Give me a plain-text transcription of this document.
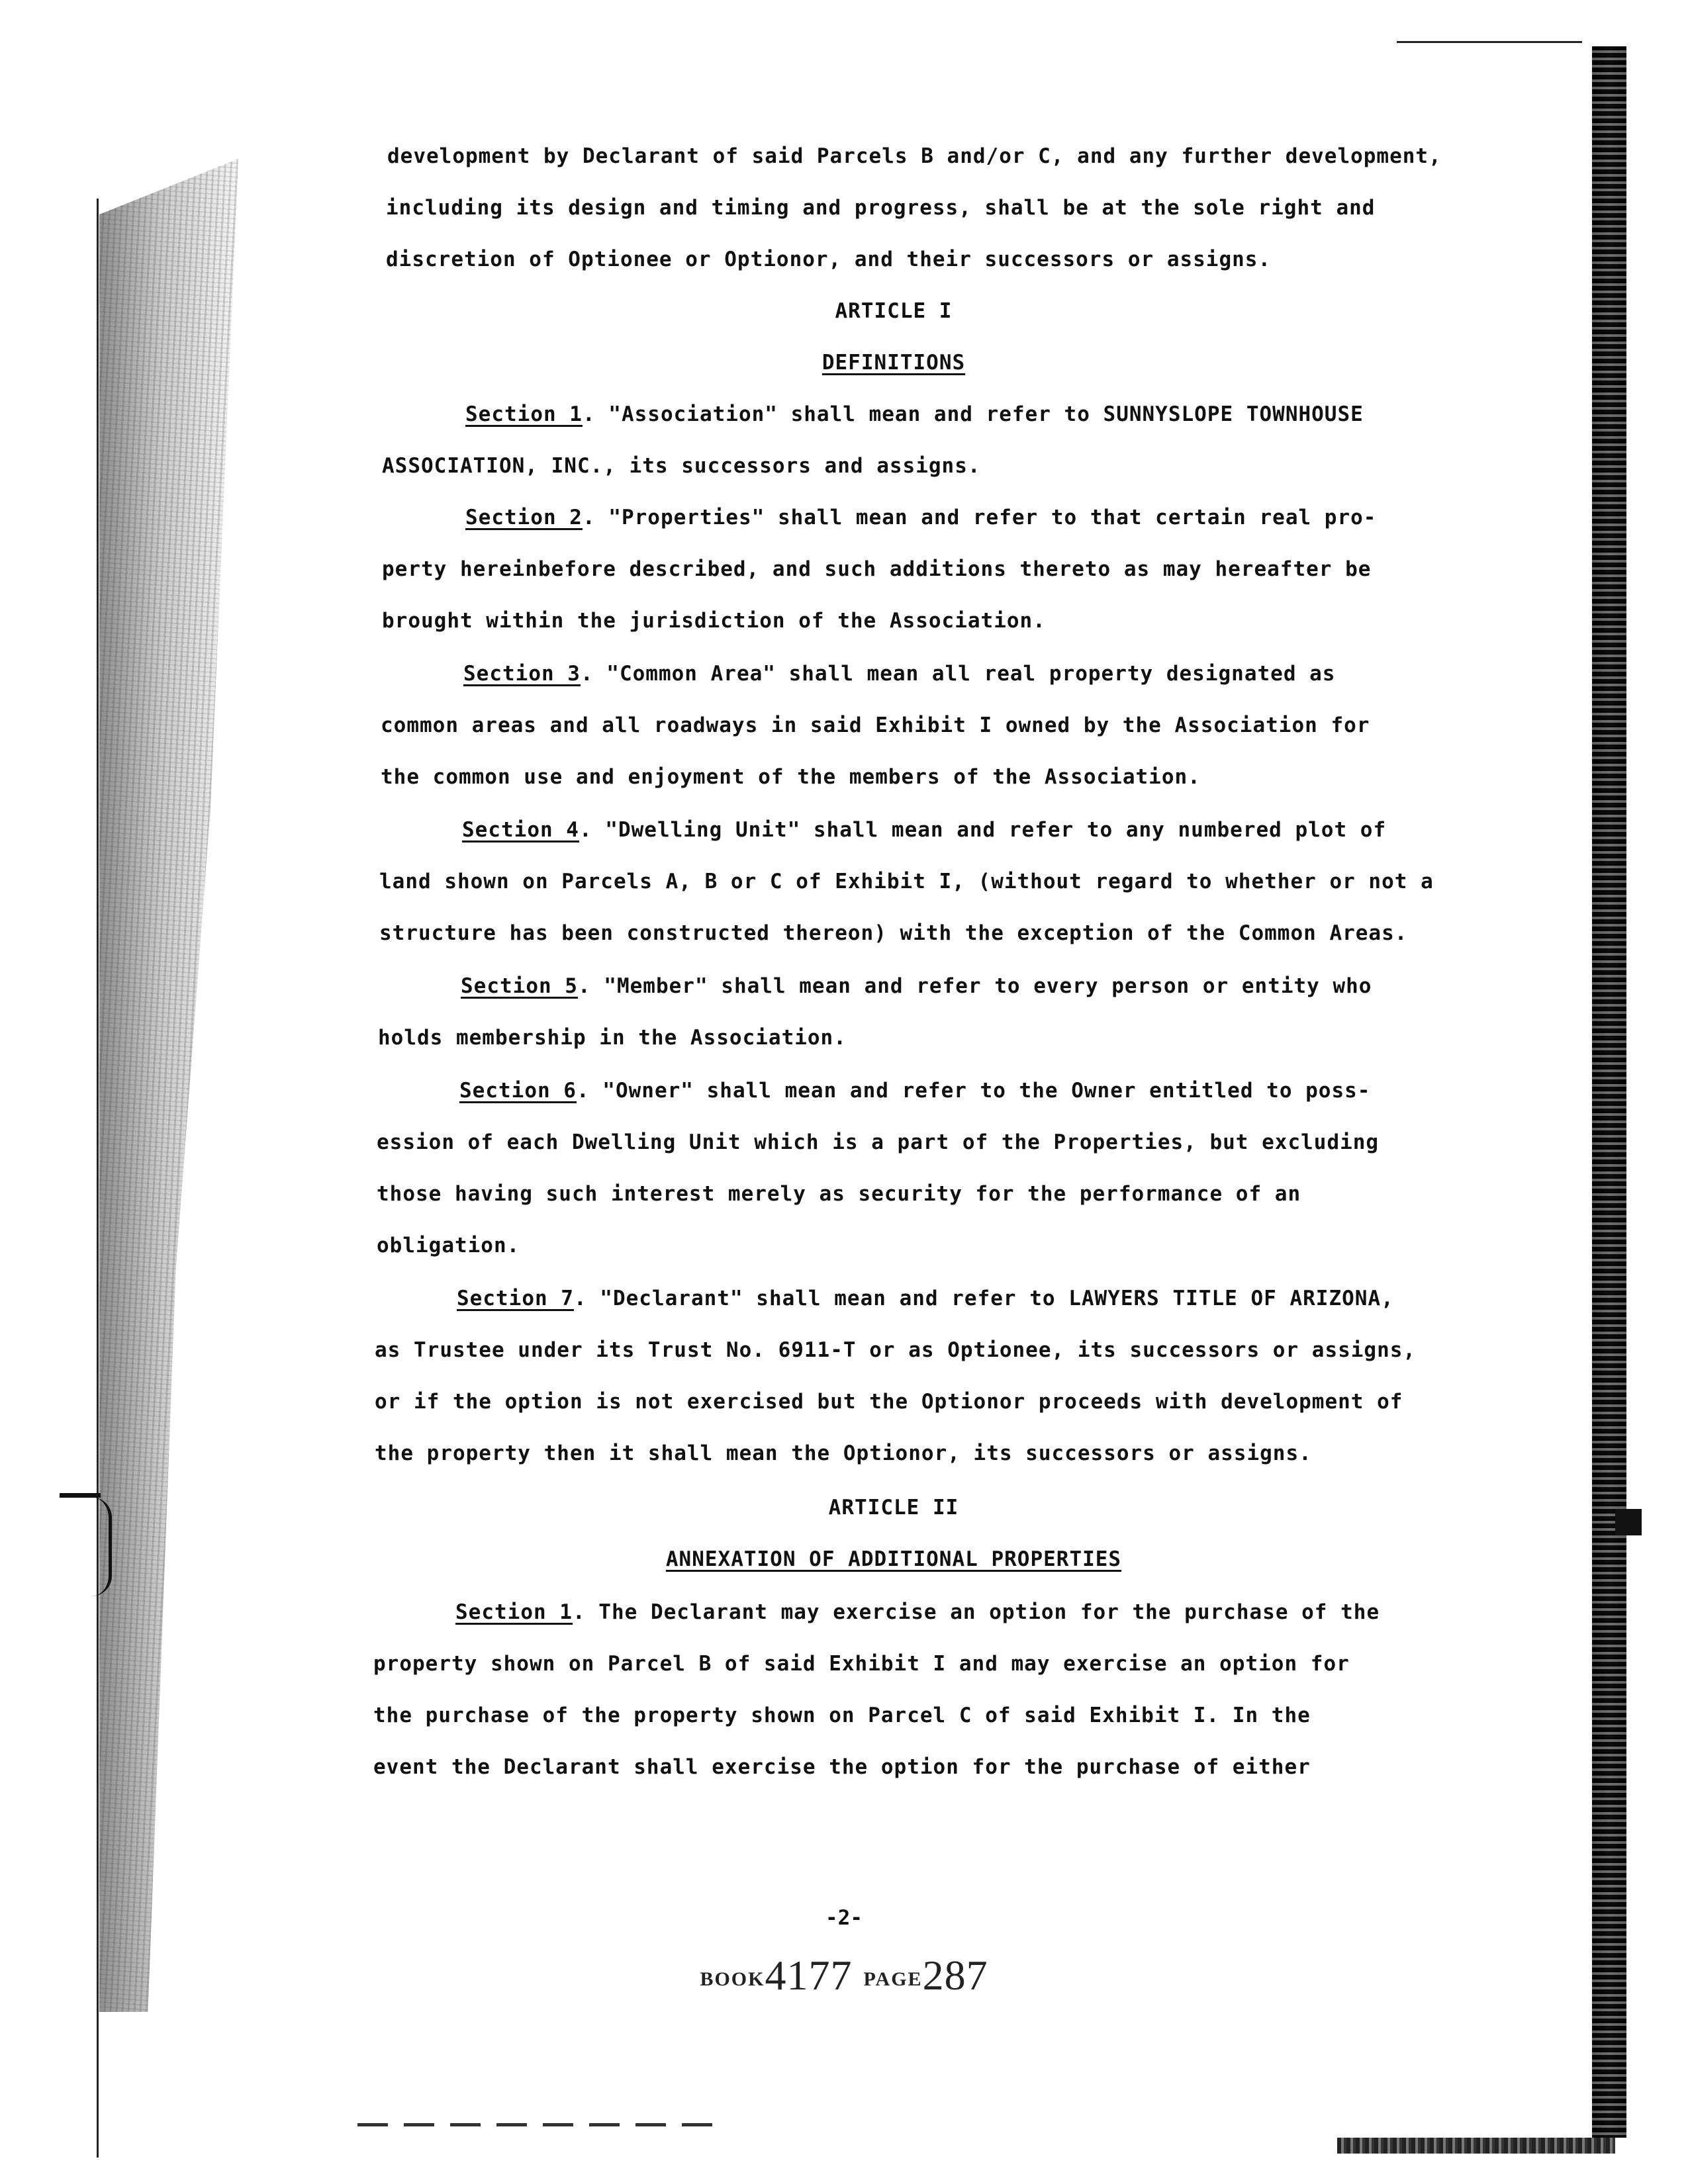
development by Declarant of said Parcels B and/or C, and any further development,
including its design and timing and progress, shall be at the sole right and
discretion of Optionee or Optionor, and their successors or assigns.
ARTICLE I
DEFINITIONS
Section 1. "Association" shall mean and refer to SUNNYSLOPE TOWNHOUSE
ASSOCIATION, INC., its successors and assigns.
Section 2. "Properties" shall mean and refer to that certain real pro-
perty hereinbefore described, and such additions thereto as may hereafter be
brought within the jurisdiction of the Association.
Section 3. "Common Area" shall mean all real property designated as
common areas and all roadways in said Exhibit I owned by the Association for
the common use and enjoyment of the members of the Association.
Section 4. "Dwelling Unit" shall mean and refer to any numbered plot of
land shown on Parcels A, B or C of Exhibit I, (without regard to whether or not a
structure has been constructed thereon) with the exception of the Common Areas.
Section 5. "Member" shall mean and refer to every person or entity who
holds membership in the Association.
Section 6. "Owner" shall mean and refer to the Owner entitled to poss-
ession of each Dwelling Unit which is a part of the Properties, but excluding
those having such interest merely as security for the performance of an
obligation.
Section 7. "Declarant" shall mean and refer to LAWYERS TITLE OF ARIZONA,
as Trustee under its Trust No. 6911-T or as Optionee, its successors or assigns,
or if the option is not exercised but the Optionor proceeds with development of
the property then it shall mean the Optionor, its successors or assigns.
ARTICLE II
ANNEXATION OF ADDITIONAL PROPERTIES
Section 1. The Declarant may exercise an option for the purchase of the
property shown on Parcel B of said Exhibit I and may exercise an option for
the purchase of the property shown on Parcel C of said Exhibit I. In the
event the Declarant shall exercise the option for the purchase of either
-2-
BOOK4177 PAGE287
